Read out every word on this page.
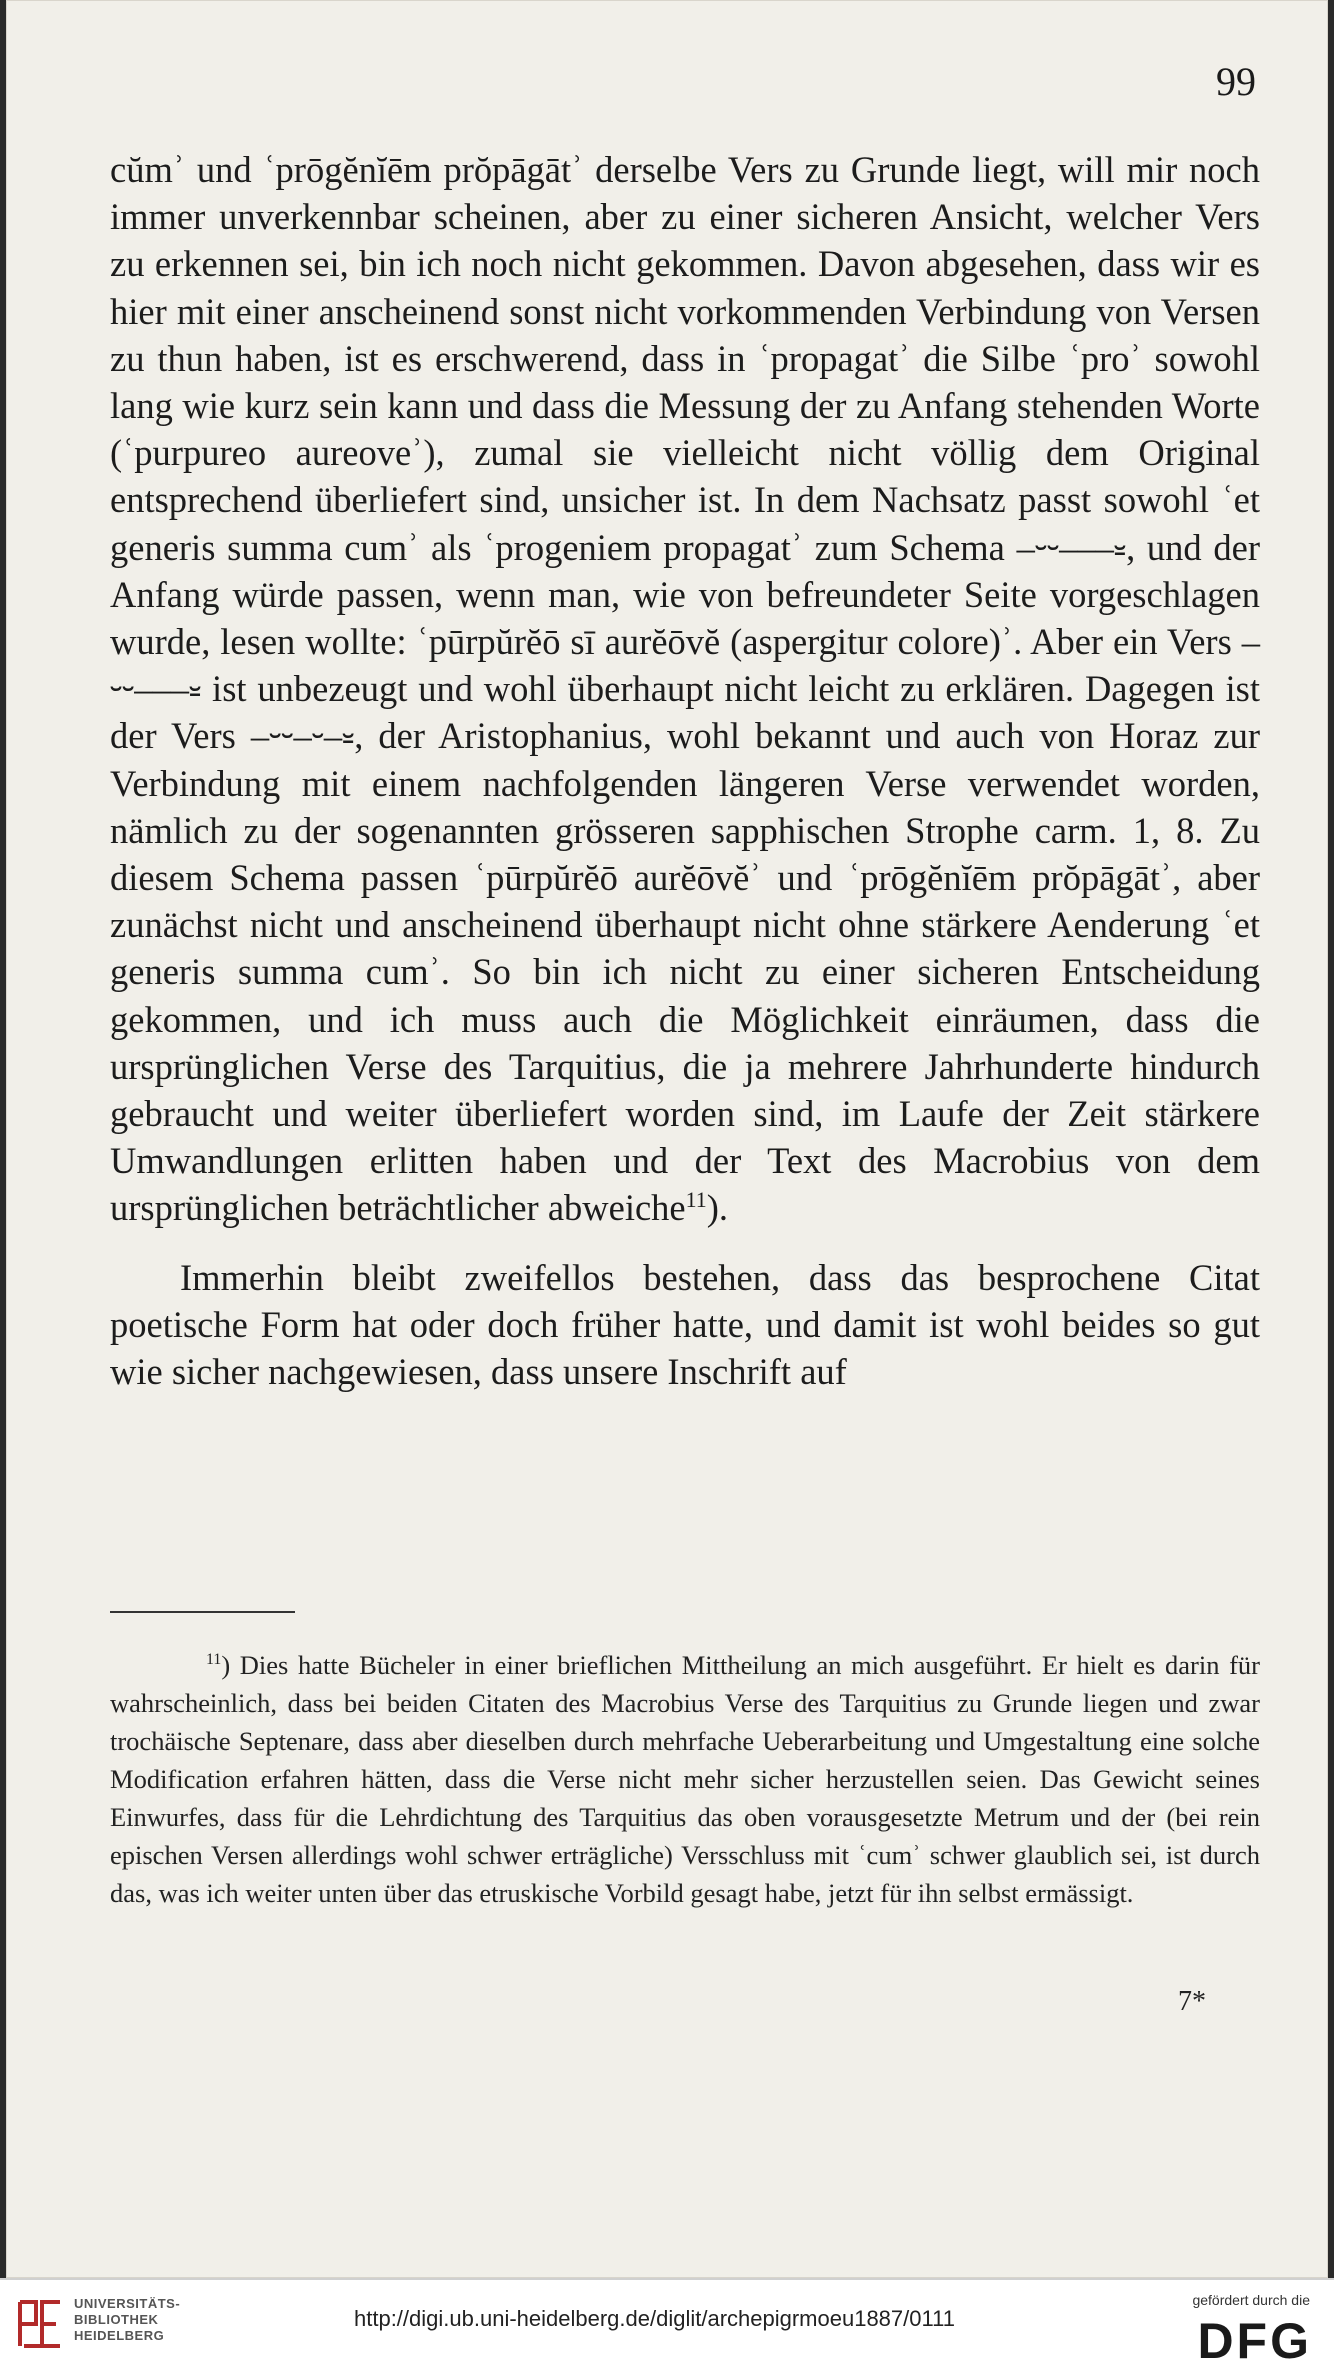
99

cŭmʾ und ʿprōgĕnĭēm prŏpāgātʾ derselbe Vers zu Grunde liegt, will mir noch immer unverkennbar scheinen, aber zu einer sicheren Ansicht, welcher Vers zu erkennen sei, bin ich noch nicht gekommen. Davon abgesehen, dass wir es hier mit einer anscheinend sonst nicht vorkommenden Verbindung von Versen zu thun haben, ist es erschwerend, dass in ʿpropagatʾ die Silbe ʿproʾ sowohl lang wie kurz sein kann und dass die Messung der zu Anfang stehenden Worte (ʿpurpureo aureoveʾ), zumal sie vielleicht nicht völlig dem Original entsprechend überliefert sind, unsicher ist. In dem Nachsatz passt sowohl ʿet generis summa cumʾ als ʿprogeniem propagatʾ zum Schema –⏑⏑–––⏓, und der Anfang würde passen, wenn man, wie von befreundeter Seite vorgeschlagen wurde, lesen wollte: ʿpūrpŭrĕō sī aurĕōvĕ (aspergitur colore)ʾ. Aber ein Vers –⏑⏑–––⏓ ist unbezeugt und wohl überhaupt nicht leicht zu erklären. Dagegen ist der Vers –⏑⏑–⏑–⏓, der Aristophanius, wohl bekannt und auch von Horaz zur Verbindung mit einem nachfolgenden längeren Verse verwendet worden, nämlich zu der sogenannten grösseren sapphischen Strophe carm. 1, 8. Zu diesem Schema passen ʿpūrpŭrĕō aurĕōvĕʾ und ʿprōgĕnĭēm prŏpāgātʾ, aber zunächst nicht und anscheinend überhaupt nicht ohne stärkere Aenderung ʿet generis summa cumʾ. So bin ich nicht zu einer sicheren Entscheidung gekommen, und ich muss auch die Möglichkeit einräumen, dass die ursprünglichen Verse des Tarquitius, die ja mehrere Jahrhunderte hindurch gebraucht und weiter überliefert worden sind, im Laufe der Zeit stärkere Umwandlungen erlitten haben und der Text des Macrobius von dem ursprünglichen beträchtlicher abweiche$^{11}$).

Immerhin bleibt zweifellos bestehen, dass das besprochene Citat poetische Form hat oder doch früher hatte, und damit ist wohl beides so gut wie sicher nachgewiesen, dass unsere Inschrift auf

$^{11}$) Dies hatte Bücheler in einer brieflichen Mittheilung an mich ausgeführt. Er hielt es darin für wahrscheinlich, dass bei beiden Citaten des Macrobius Verse des Tarquitius zu Grunde liegen und zwar trochäische Septenare, dass aber dieselben durch mehrfache Ueberarbeitung und Umgestaltung eine solche Modification erfahren hätten, dass die Verse nicht mehr sicher herzustellen seien. Das Gewicht seines Einwurfes, dass für die Lehrdichtung des Tarquitius das oben vorausgesetzte Metrum und der (bei rein epischen Versen allerdings wohl schwer erträgliche) Versschluss mit ʿcumʾ schwer glaublich sei, ist durch das, was ich weiter unten über das etruskische Vorbild gesagt habe, jetzt für ihn selbst ermässigt.

7*
UNIVERSITÄTS-
BIBLIOTHEK
HEIDELBERG
http://digi.ub.uni-heidelberg.de/diglit/archepigrmoeu1887/0111
gefördert durch die
DFG
